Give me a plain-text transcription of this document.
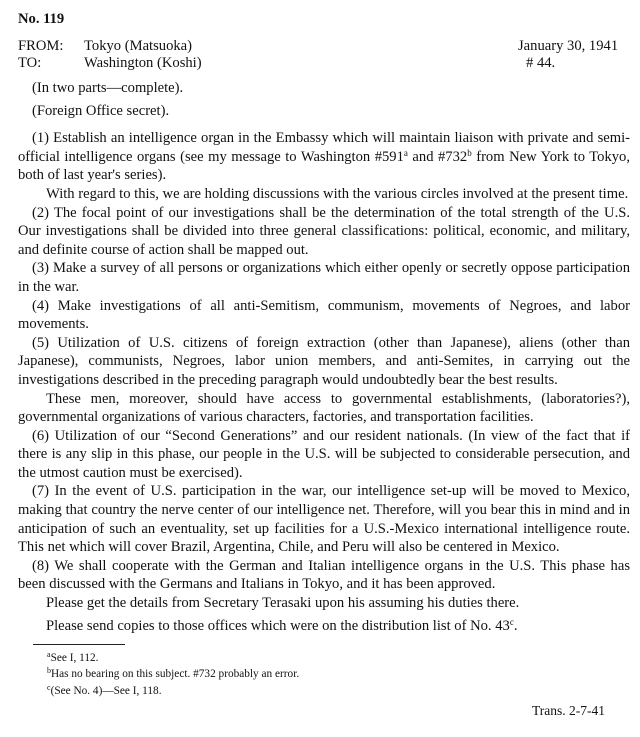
No. 119
FROM: Tokyo (Matsuoka)	January 30, 1941
TO:	Washington (Koshi)	# 44.

(In two parts—complete).

(Foreign Office secret).

(1) Establish an intelligence organ in the Embassy which will maintain liaison with private and semi-official intelligence organs (see my message to Washington #591$^a$ and #732$^b$ from New York to Tokyo, both of last year's series).

With regard to this, we are holding discussions with the various circles involved at the present time.

(2) The focal point of our investigations shall be the determination of the total strength of the U.S. Our investigations shall be divided into three general classifications: political, economic, and military, and definite course of action shall be mapped out.

(3) Make a survey of all persons or organizations which either openly or secretly oppose participation in the war.

(4) Make investigations of all anti-Semitism, communism, movements of Negroes, and labor movements.

(5) Utilization of U.S. citizens of foreign extraction (other than Japanese), aliens (other than Japanese), communists, Negroes, labor union members, and anti-Semites, in carrying out the investigations described in the preceding paragraph would undoubtedly bear the best results.

These men, moreover, should have access to governmental establishments, (laboratories?), governmental organizations of various characters, factories, and transportation facilities.

(6) Utilization of our “Second Generations” and our resident nationals. (In view of the fact that if there is any slip in this phase, our people in the U.S. will be subjected to considerable persecution, and the utmost caution must be exercised).

(7) In the event of U.S. participation in the war, our intelligence set-up will be moved to Mexico, making that country the nerve center of our intelligence net. Therefore, will you bear this in mind and in anticipation of such an eventuality, set up facilities for a U.S.-Mexico international intelligence route. This net which will cover Brazil, Argentina, Chile, and Peru will also be centered in Mexico.

(8) We shall cooperate with the German and Italian intelligence organs in the U.S. This phase has been discussed with the Germans and Italians in Tokyo, and it has been approved.

Please get the details from Secretary Terasaki upon his assuming his duties there.

Please send copies to those offices which were on the distribution list of No. 43$^c$.

$^a$See I, 112.
$^b$Has no bearing on this subject. #732 probably an error.
$^c$(See No. 4)—See I, 118.
Trans. 2-7-41
